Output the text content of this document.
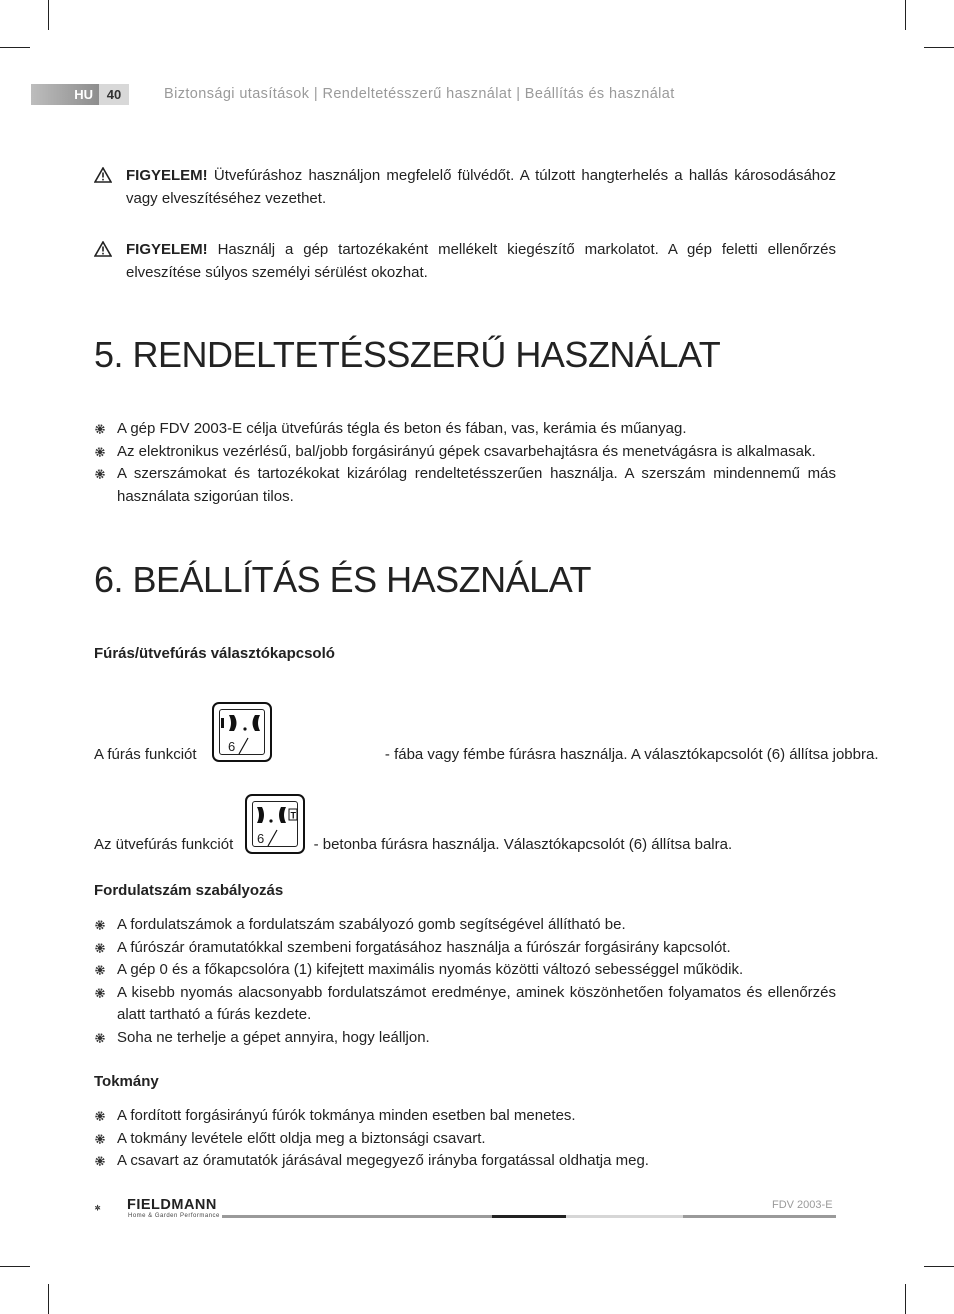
HU	40	Biztonsági utasítások | Rendeltetésszerű használat | Beállítás és használat
FIGYELEM! Ütvefúráshoz használjon megfelelő fülvédőt. A túlzott hangterhelés a hallás károsodásához vagy elveszítéséhez vezethet.
FIGYELEM! Használj a gép tartozékaként mellékelt kiegészítő markolatot. A gép feletti ellenőrzés elveszítése súlyos személyi sérülést okozhat.
5. RENDELTETÉSSZERŰ HASZNÁLAT
A gép FDV 2003-E célja ütvefúrás tégla és beton és fában, vas, kerámia és műanyag.
Az elektronikus vezérlésű, bal/jobb forgásirányú gépek csavarbehajtásra és menetvágásra is alkalmasak.
A szerszámokat és tartozékokat kizárólag rendeltetésszerűen használja. A szerszám mindennemű más használata szigorúan tilos.
6. BEÁLLÍTÁS ÉS HASZNÁLAT
Fúrás/ütvefúrás választókapcsoló
A fúrás funkciót	- fába vagy fémbe fúrásra használja. A választókapcsolót (6) állítsa jobbra.
6
Az ütvefúrás funkciót	- betonba fúrásra használja. Választókapcsolót (6) állítsa balra.
T
6
Fordulatszám szabályozás
A fordulatszámok a fordulatszám szabályozó gomb segítségével állítható be.
A fúrószár óramutatókkal szembeni forgatásához használja a fúrószár forgásirány kapcsolót.
A gép 0 és a főkapcsolóra (1) kifejtett maximális nyomás közötti változó sebességgel működik.
A kisebb nyomás alacsonyabb fordulatszámot eredménye, aminek köszönhetően folyamatos és ellenőrzés alatt tartható a fúrás kezdete.
Soha ne terhelje a gépet annyira, hogy leálljon.
Tokmány
A fordított forgásirányú fúrók tokmánya minden esetben bal menetes.
A tokmány levétele előtt oldja meg a biztonsági csavart.
A csavart az óramutatók járásával megegyező irányba forgatással oldhatja meg.
FIELDMANN
Home & Garden Performance
FDV 2003-E
